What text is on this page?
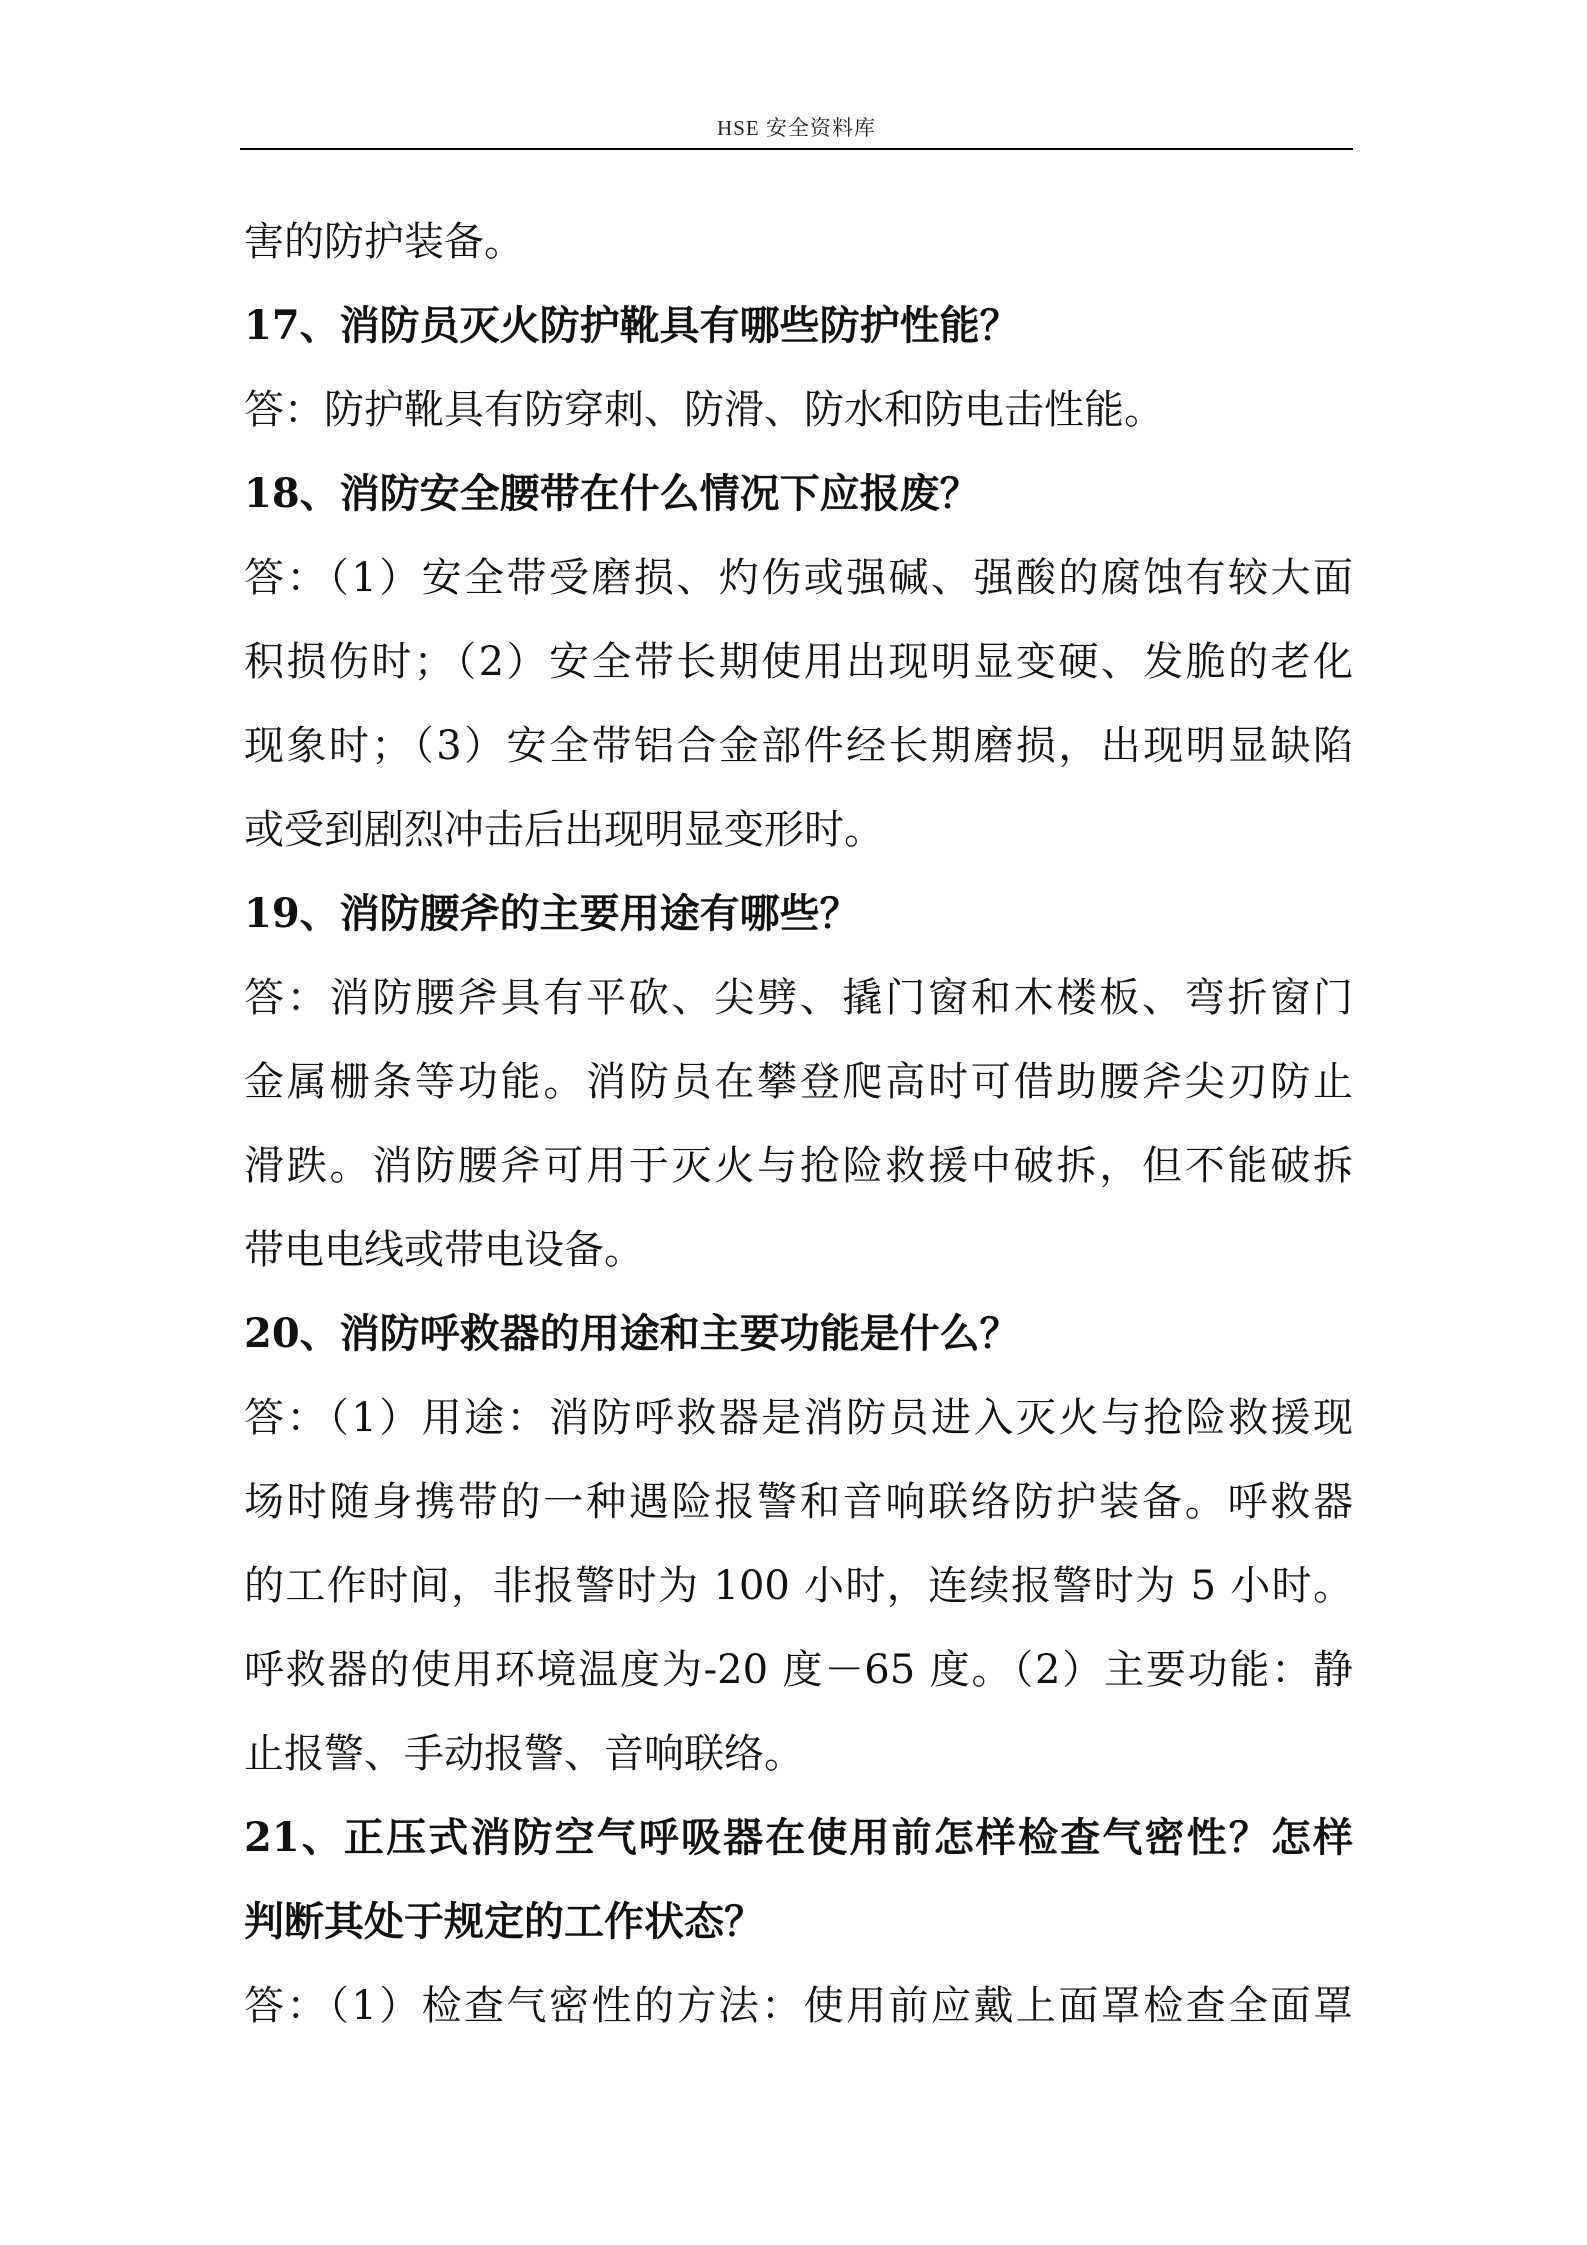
HSE 安全资料库
害的防护装备。
17、消防员灭火防护靴具有哪些防护性能？
答：防护靴具有防穿刺、防滑、防水和防电击性能。
18、消防安全腰带在什么情况下应报废？
答：（1）安全带受磨损、灼伤或强碱、强酸的腐蚀有较大面
积损伤时；（2）安全带长期使用出现明显变硬、发脆的老化
现象时；（3）安全带铝合金部件经长期磨损，出现明显缺陷
或受到剧烈冲击后出现明显变形时。
19、消防腰斧的主要用途有哪些？
答：消防腰斧具有平砍、尖劈、撬门窗和木楼板、弯折窗门
金属栅条等功能。消防员在攀登爬高时可借助腰斧尖刃防止
滑跌。消防腰斧可用于灭火与抢险救援中破拆，但不能破拆
带电电线或带电设备。
20、消防呼救器的用途和主要功能是什么？
答：（1）用途：消防呼救器是消防员进入灭火与抢险救援现
场时随身携带的一种遇险报警和音响联络防护装备。呼救器
的工作时间，非报警时为 100 小时，连续报警时为 5 小时。
呼救器的使用环境温度为-20 度－65 度。（2）主要功能：静
止报警、手动报警、音响联络。
21、正压式消防空气呼吸器在使用前怎样检查气密性？怎样
判断其处于规定的工作状态？
答：（1）检查气密性的方法：使用前应戴上面罩检查全面罩
